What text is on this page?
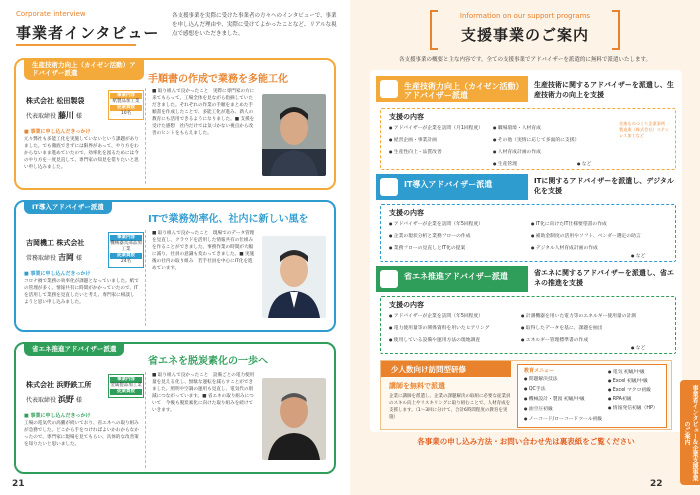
Corporate interview
事業者インタビュー
各支援事業を実際に受けた事業者の方々へのインタビューで、事業を申し込んだ理由や、実際に受けてよかったことなど、リアルな視点で感想をいただきました。
生産技術力向上（カイゼン活動）アドバイザー派遣
手順書の作成で業務を多能工化
株式会社 松田製袋
代表取締役 藤川 様
事業内容
紙製品加工業
従業員数
10名
■ 事業に申し込んだきっかけ
元々弊社も多能工化を実施していないという課題がありました。でも徹底できずには限界があって、やり方をわからないまま進めていたので、効率化を図るためには今のやり方を一度見直して、専門家の知見を借りたいと思い申し込みました。
■ 取り組んで良かったこと　実際に専門家の方に来てもらって、工場全体を見ながら指摘していただきました。それぞれの作業の手順をまとめた手順書を作成したことで、多能工化が進み、新人の教育にも活用できるようになりました。■ 支援を受けた感想　社内だけでは気づかない視点から改善のヒントをもらえました。
IT導入アドバイザー派遣
ITで業務効率化、社内に新しい風を
吉岡機工 株式会社
常務取締役 吉岡 様
事業内容
機械器具部品加工業
従業員数
24名
■ 事業に申し込んだきっかけ
コロナ禍で業務の効率化が課題となっていました。紙での管理が多く、情報共有に時間がかかっていたので、ITを活用して業務を見直したいと考え、専門家に相談しようと思い申し込みました。
■ 取り組んで良かったこと　現場でのデータ管理を見直し、クラウドを活用した情報共有の仕組みを作ることができました。事務作業の時間が大幅に減り、社員の意識も変わってきました。■ 実施後の社内の取り組み　若手社員を中心にIT化を進めています。
省エネ推進アドバイザー派遣
省エネを脱炭素化の一歩へ
株式会社 浜野鉄工所
代表取締役 浜野 様
事業内容
金属製品加工業
従業員数
■ 事業に申し込んだきっかけ
工場の電気代の高騰が続いており、省エネへの取り組みが急務でした。どこから手をつければよいかわからなかったので、専門家に現場を見てもらい、具体的な改善策を知りたいと思いました。
■ 取り組んで良かったこと　設備ごとの電力使用量を見える化し、無駄な運転を減らすことができました。照明や空調の運用も見直し、電気代の削減につながっています。■ 省エネの取り組みについて　今後も脱炭素化に向けた取り組みを続けていきます。
21
Information on our support programs
支援事業のご案内
各支援事業の概要と主な内容です。全ての支援事業でアドバイザーを派遣的に無料で派遣いたします。
生産技術力向上（カイゼン活動）アドバイザー派遣
生産技術に関するアドバイザーを派遣し、生産技術力の向上を支援
支援の内容
● アドバイザーが企業を訪問（月1回程度）
● 経営企画・事業計画
● 生産性向上・品質改善
● 職場環境・人材育成
● その他（実情に応じて多面的に支援）
● 人材育成計画の作成
● 生産管理
●	など
先進ものづくり企業事例　製造業（株式会社）ステンレス加工など
IT導入アドバイザー派遣	ITに関するアドバイザーを派遣し、デジタル化を支援
支援の内容
● アドバイザーが企業を訪問（年5回程度）
● 企業の現状分析と業務フローの作成
● 業務フローの見直しとIT化の提案
● IT化に向けたIT仕様要望書の作成
● 補助金制度の活用やソフト、ベンダー選定の助言
● デジタル人材育成計画の作成
● など
省エネ推進アドバイザー派遣	省エネに関するアドバイザーを派遣し、省エネの推進を支援
支援の内容
● アドバイザーが企業を訪問（年5回程度）
● 電力使用量等の関係資料を用いたヒアリング
● 使用している設備や運用方法の現地調査
● 計測機器を用いた電力等のエネルギー使用量の計測
● 取得したデータを基に、課題を抽出
● エネルギー管理標準書の作成
● など
少人数向け訪問型研修
講師を無料で派遣
企業に講師を派遣し、企業の課題解決の取組に必要な従業員のスキル向上やリスキリングに取り組むことで、人材育成を支援します。（1〜3回に分けて、合計6時間程度の教育を実施）
教育メニュー
● 問題解決技法
● QC手法
● 機械設計・製図 初級/中級
● 油空圧初級
● ノーコード/ローコードツール初級
● 電気 初級/中級
● Excel 初級/中級
● Excel マクロ初級
● RPA初級
● 情報発信初級（HP）
各事業の申し込み方法・お問い合わせ先は裏表紙をご覧ください	事業者インタビュー＆企業支援事業のご案内
22
